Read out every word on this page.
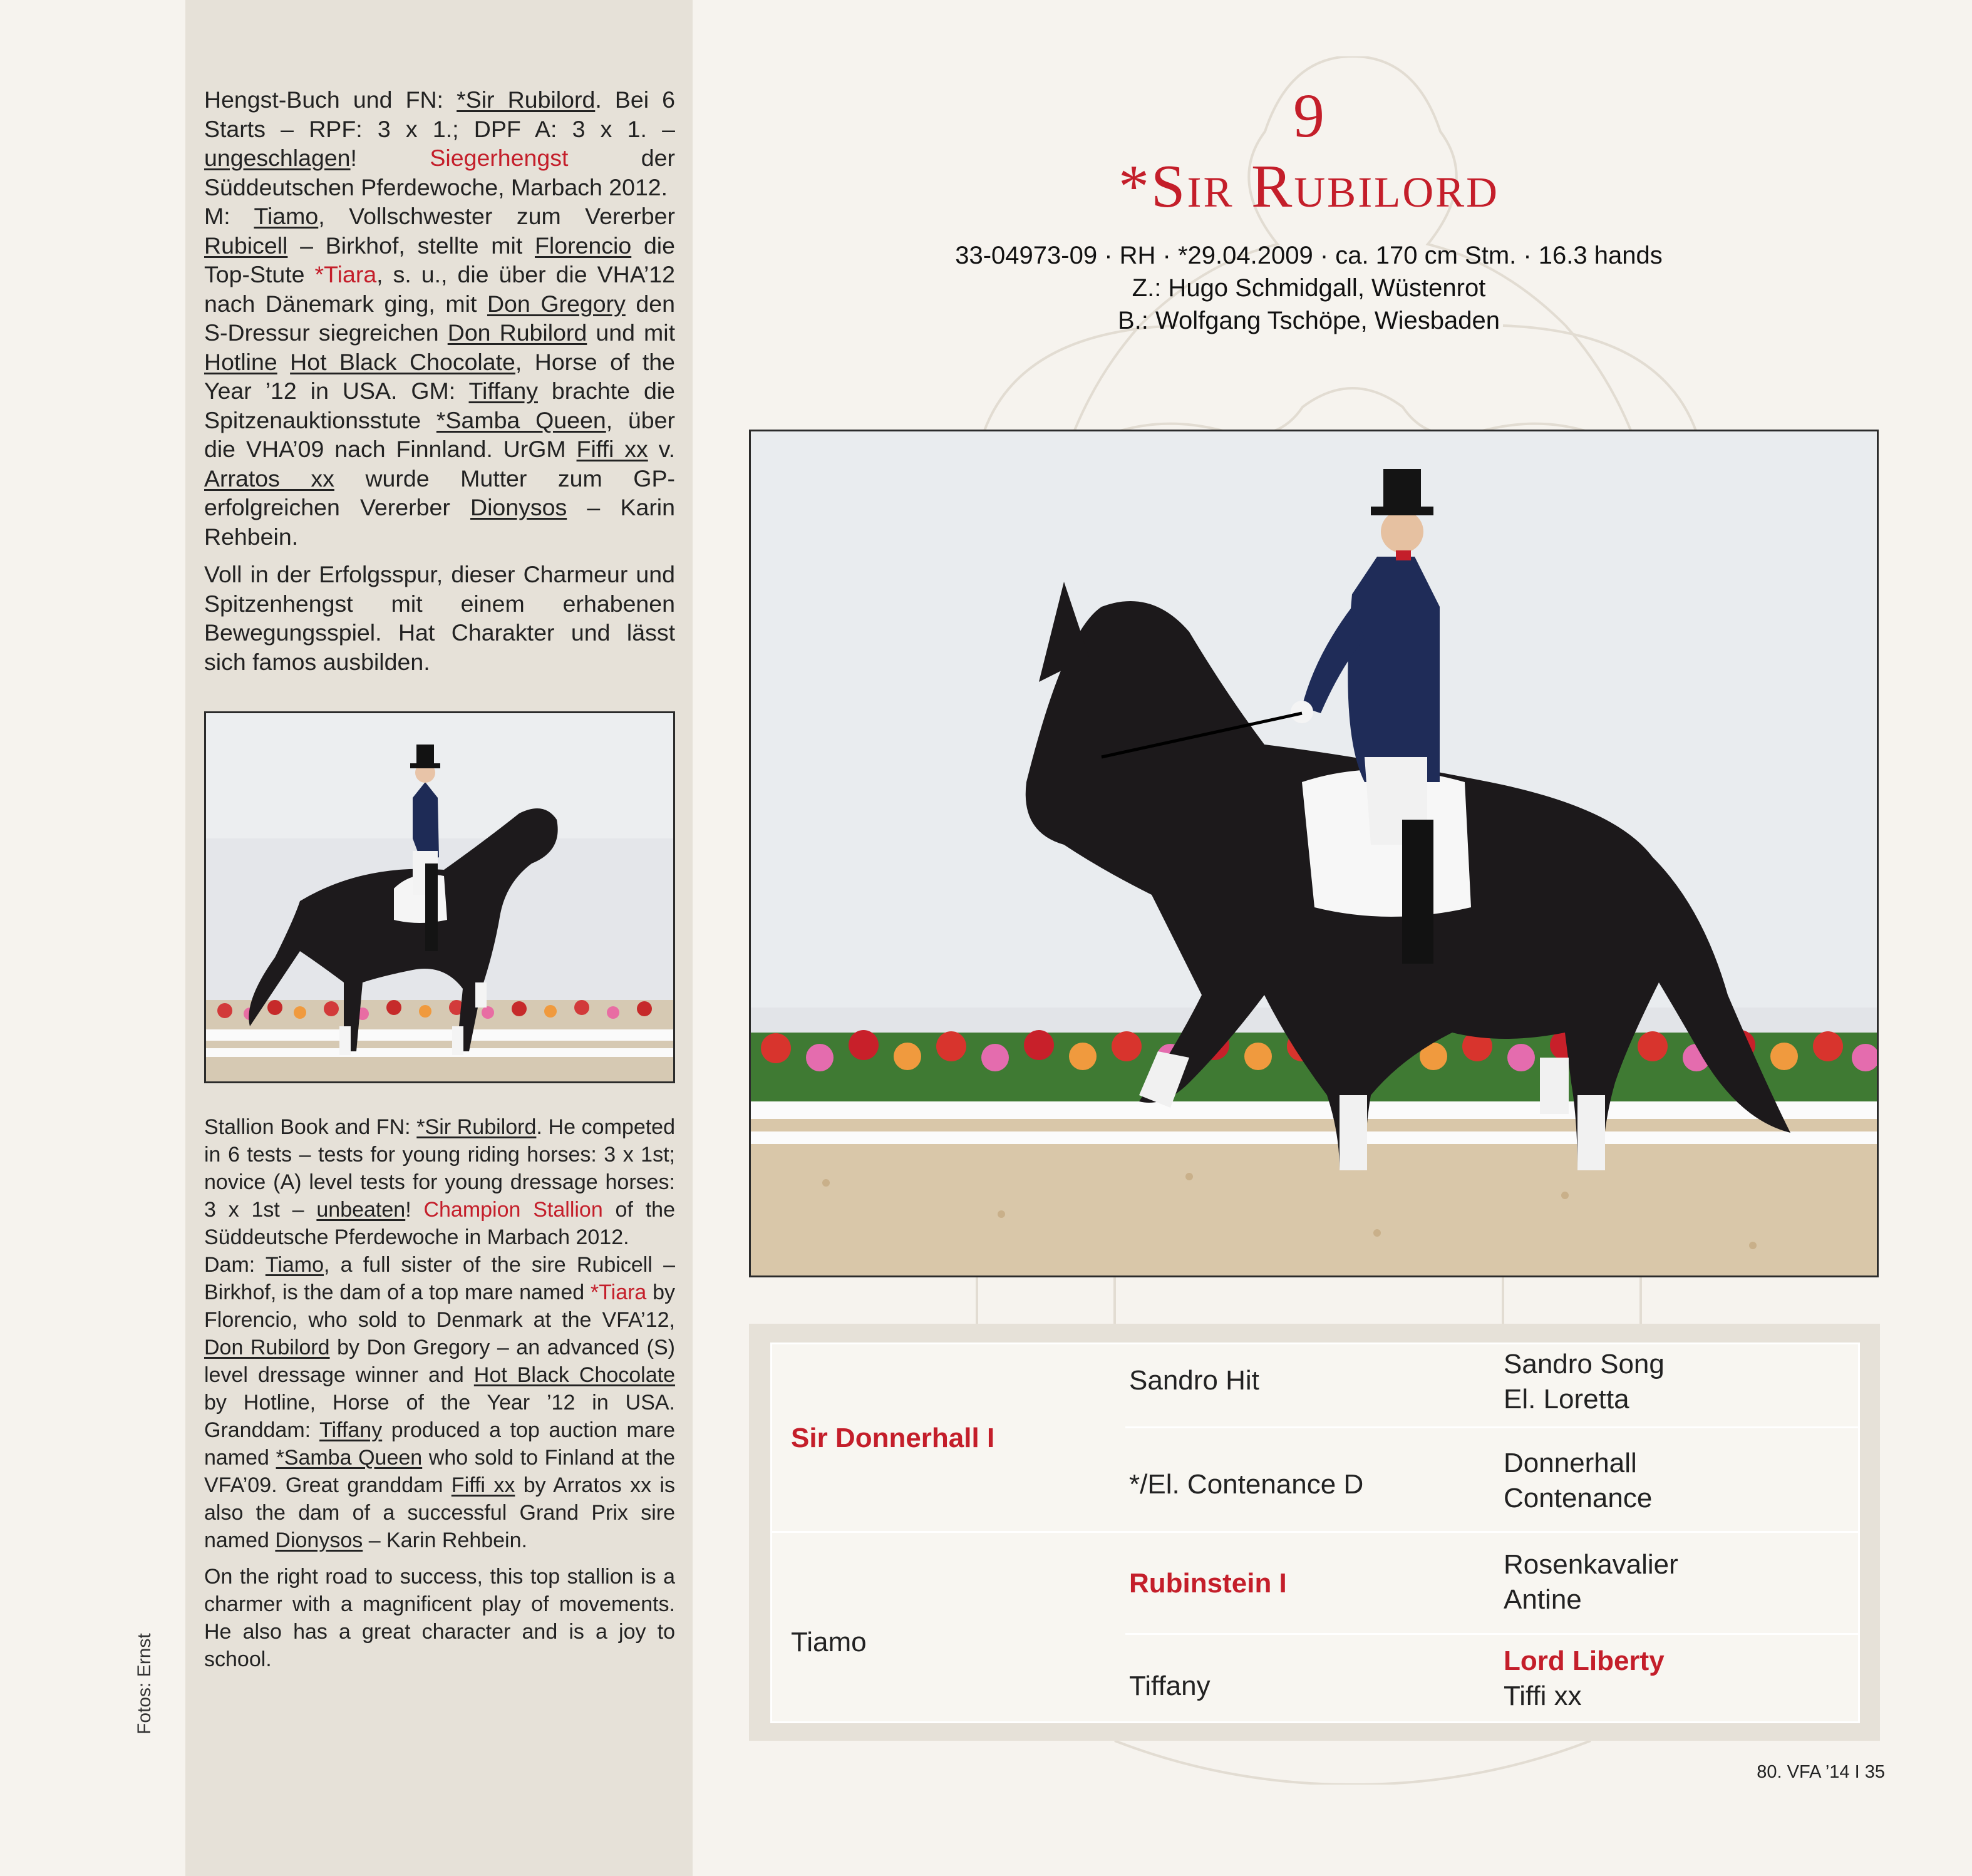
Fotos: Ernst

Hengst-Buch und FN: *Sir Rubilord. Bei 6 Starts – RPF: 3 x 1.; DPF A: 3 x 1. – ungeschlagen! Siegerhengst der Süddeutschen Pferdewoche, Marbach 2012.

M: Tiamo, Vollschwester zum Vererber Rubicell – Birkhof, stellte mit Florencio die Top-Stute *Tiara, s. u., die über die VHA’12 nach Dänemark ging, mit Don Gregory den S-Dressur siegreichen Don Rubilord und mit Hotline Hot Black Chocolate, Horse of the Year ’12 in USA. GM: Tiffany brachte die Spitzenauktionsstute *Samba Queen, über die VHA’09 nach Finnland. UrGM Fiffi xx v. Arratos xx wurde Mutter zum GP-erfolgreichen Vererber Dionysos – Karin Rehbein.

Voll in der Erfolgsspur, dieser Charmeur und Spitzenhengst mit einem erhabenen Bewegungsspiel. Hat Charakter und lässt sich famos ausbilden.

Stallion Book and FN: *Sir Rubilord. He competed in 6 tests – tests for young riding horses: 3 x 1st; novice (A) level tests for young dressage horses: 3 x 1st – unbeaten! Champion Stallion of the Süddeutsche Pferdewoche in Marbach 2012.

Dam: Tiamo, a full sister of the sire Rubicell – Birkhof, is the dam of a top mare named *Tiara by Florencio, who sold to Denmark at the VFA’12, Don Rubilord by Don Gregory – an advanced (S) level dressage winner and Hot Black Chocolate by Hotline, Horse of the Year ’12 in USA. Granddam: Tiffany produced a top auction mare named *Samba Queen who sold to Finland at the VFA’09. Great granddam Fiffi xx by Arratos xx is also the dam of a successful Grand Prix sire named Dionysos – Karin Rehbein.

On the right road to success, this top stallion is a charmer with a magnificent play of movements. He also has a great character and is a joy to school.

9
*Sir Rubilord
33-04973-09 · RH · *29.04.2009 · ca. 170 cm Stm. · 16.3 hands
Z.: Hugo Schmidgall, Wüstenrot
B.: Wolfgang Tschöpe, Wiesbaden
Sir Donnerhall I
Tiamo
Sandro Hit
*/El. Contenance D
Rubinstein I
Tiffany
Sandro Song
El. Loretta
Donnerhall
Contenance
Rosenkavalier
Antine
Lord Liberty
Tiffi xx
80. VFA ’14 I 35
